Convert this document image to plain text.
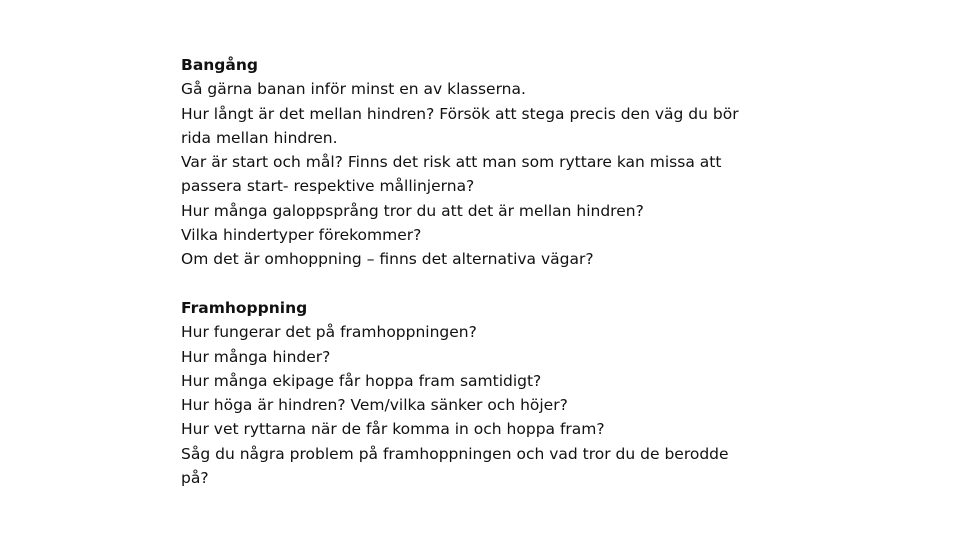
Bangång
Gå gärna banan inför minst en av klasserna.
Hur långt är det mellan hindren? Försök att stega precis den väg du bör
rida mellan hindren.
Var är start och mål? Finns det risk att man som ryttare kan missa att
passera start- respektive mållinjerna?
Hur många galoppsprång tror du att det är mellan hindren?
Vilka hindertyper förekommer?
Om det är omhoppning – finns det alternativa vägar?
Framhoppning
Hur fungerar det på framhoppningen?
Hur många hinder?
Hur många ekipage får hoppa fram samtidigt?
Hur höga är hindren? Vem/vilka sänker och höjer?
Hur vet ryttarna när de får komma in och hoppa fram?
Såg du några problem på framhoppningen och vad tror du de berodde
på?
